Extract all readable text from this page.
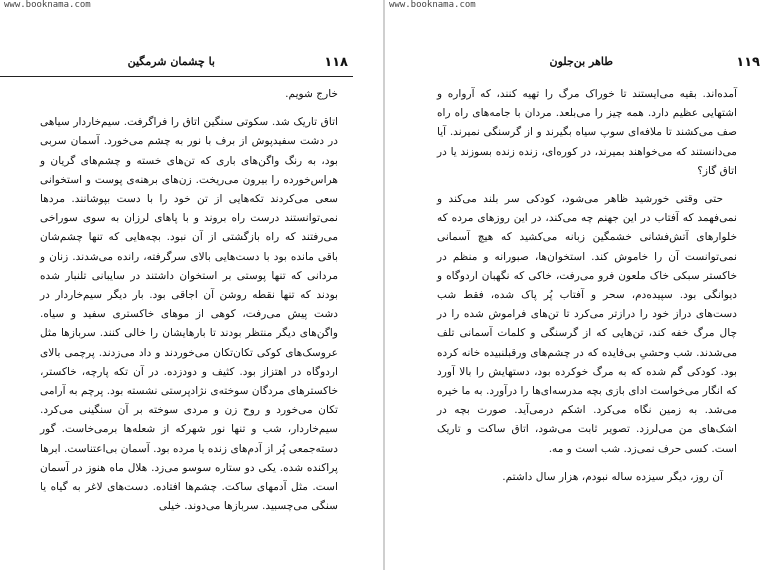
www.booknama.com
با چشمان شرمگین	۱۱۸

خارج شویم.

اتاق تاریک شد. سکوتی سنگین اتاق را فراگرفت. سیم‌خاردار سیاهی در دشت سفیدپوش از برف با نور به چشم می‌خورد. آسمان سربی بود، به رنگ واگن‌های باری که تن‌های خسته و چشم‌های گریان و هراس‌خورده را بیرون می‌ریخت. زن‌های برهنه‌ی پوست و استخوانی سعی می‌کردند تکه‌هایی از تن خود را با دست بپوشانند. مردها نمی‌توانستند درست راه بروند و با پاهای لرزان به سوی سوراخی می‌رفتند که راه بازگشتی از آن نبود. بچه‌هایی که تنها چشم‌شان باقی مانده بود با دست‌هایی بالای سرگرفته، رانده می‌شدند. زنان و مردانی که تنها پوستی بر استخوان داشتند در سایبانی تلنبار شده بودند که تنها نقطه روشن آن اجاقی بود. بار دیگر سیم‌خاردار در دشت پیش می‌رفت، کوهی از موهای خاکستری سفید و سیاه. واگن‌های دیگر منتظر بودند تا بارهایشان را خالی کنند. سربازها مثل عروسک‌های کوکی تکان‌تکان می‌خوردند و داد می‌زدند. پرچمی بالای اردوگاه در اهتزاز بود. کثیف و دودزده. در آن تکه پارچه، خاکستر، خاکسترهای مردگان سوخته‌ی نژادپرستی نشسته بود. پرچم به آرامی تکان می‌خورد و روح زن و مردی سوخته بر آن سنگینی می‌کرد. سیم‌خاردار، شب و تنها نور شهرکه از شعله‌ها برمی‌خاست. گور دسته‌جمعی پُر از آدم‌های زنده یا مرده بود. آسمان بی‌اعتناست. ابرها پراکنده شده. یکی دو ستاره سوسو می‌زد. هلال ماه هنوز در آسمان است. مثل آدمهای ساکت. چشم‌ها افتاده. دست‌های لاغر به گیاه یا سنگی می‌چسبید. سربازها می‌دوند. خیلی

www.booknama.com
طاهر بن‌جلون	۱۱۹

آمده‌اند. بقیه می‌ایستند تا خوراک مرگ را تهیه کنند، که آرواره و اشتهایی عظیم دارد. همه چیز را می‌بلعد. مردان با جامه‌های راه راه صف می‌کشند تا ملافه‌ای سوپ سیاه بگیرند و از گرسنگی نمیرند. آیا می‌دانستند که می‌خواهند بمیرند، در کوره‌ای، زنده زنده بسوزند یا در اتاق گاز؟

حتی وقتی خورشید ظاهر می‌شود، کودکی سر بلند می‌کند و نمی‌فهمد که آفتاب در این جهنم چه می‌کند، در این روزهای مرده که خلوارهای آتش‌فشانی خشمگین زبانه می‌کشید که هیچ آسمانی نمی‌توانست آن را خاموش کند. استخوان‌ها، صبورانه و منظم در خاکستر سبکی خاک ملعون فرو می‌رفت، خاکی که نگهبان اردوگاه و دیوانگی بود. سپیده‌دم، سحر و آفتاب پُر پاک شده، فقط شب دست‌های دراز خود را درازتر می‌کرد تا تن‌های فراموش شده را در چال مرگ خفه کند، تن‌هایی که از گرسنگی و کلمات آسمانی تلف می‌شدند. شب وحشیِ بی‌فایده که در چشم‌های ورقبلنبیده خانه کرده بود. کودکی گم شده که به مرگ خوکرده بود، دستهایش را بالا آورد که انگار می‌خواست ادای بازی بچه مدرسه‌ای‌ها را درآورد. به ما خیره می‌شد. به زمین نگاه می‌کرد. اشکم درمی‌آید. صورت بچه در اشک‌های من می‌لرزد. تصویر ثابت می‌شود، اتاق ساکت و تاریک است. کسی حرف نمی‌زد. شب است و مه.

آن روز، دیگر سیزده ساله نبودم، هزار سال داشتم.
